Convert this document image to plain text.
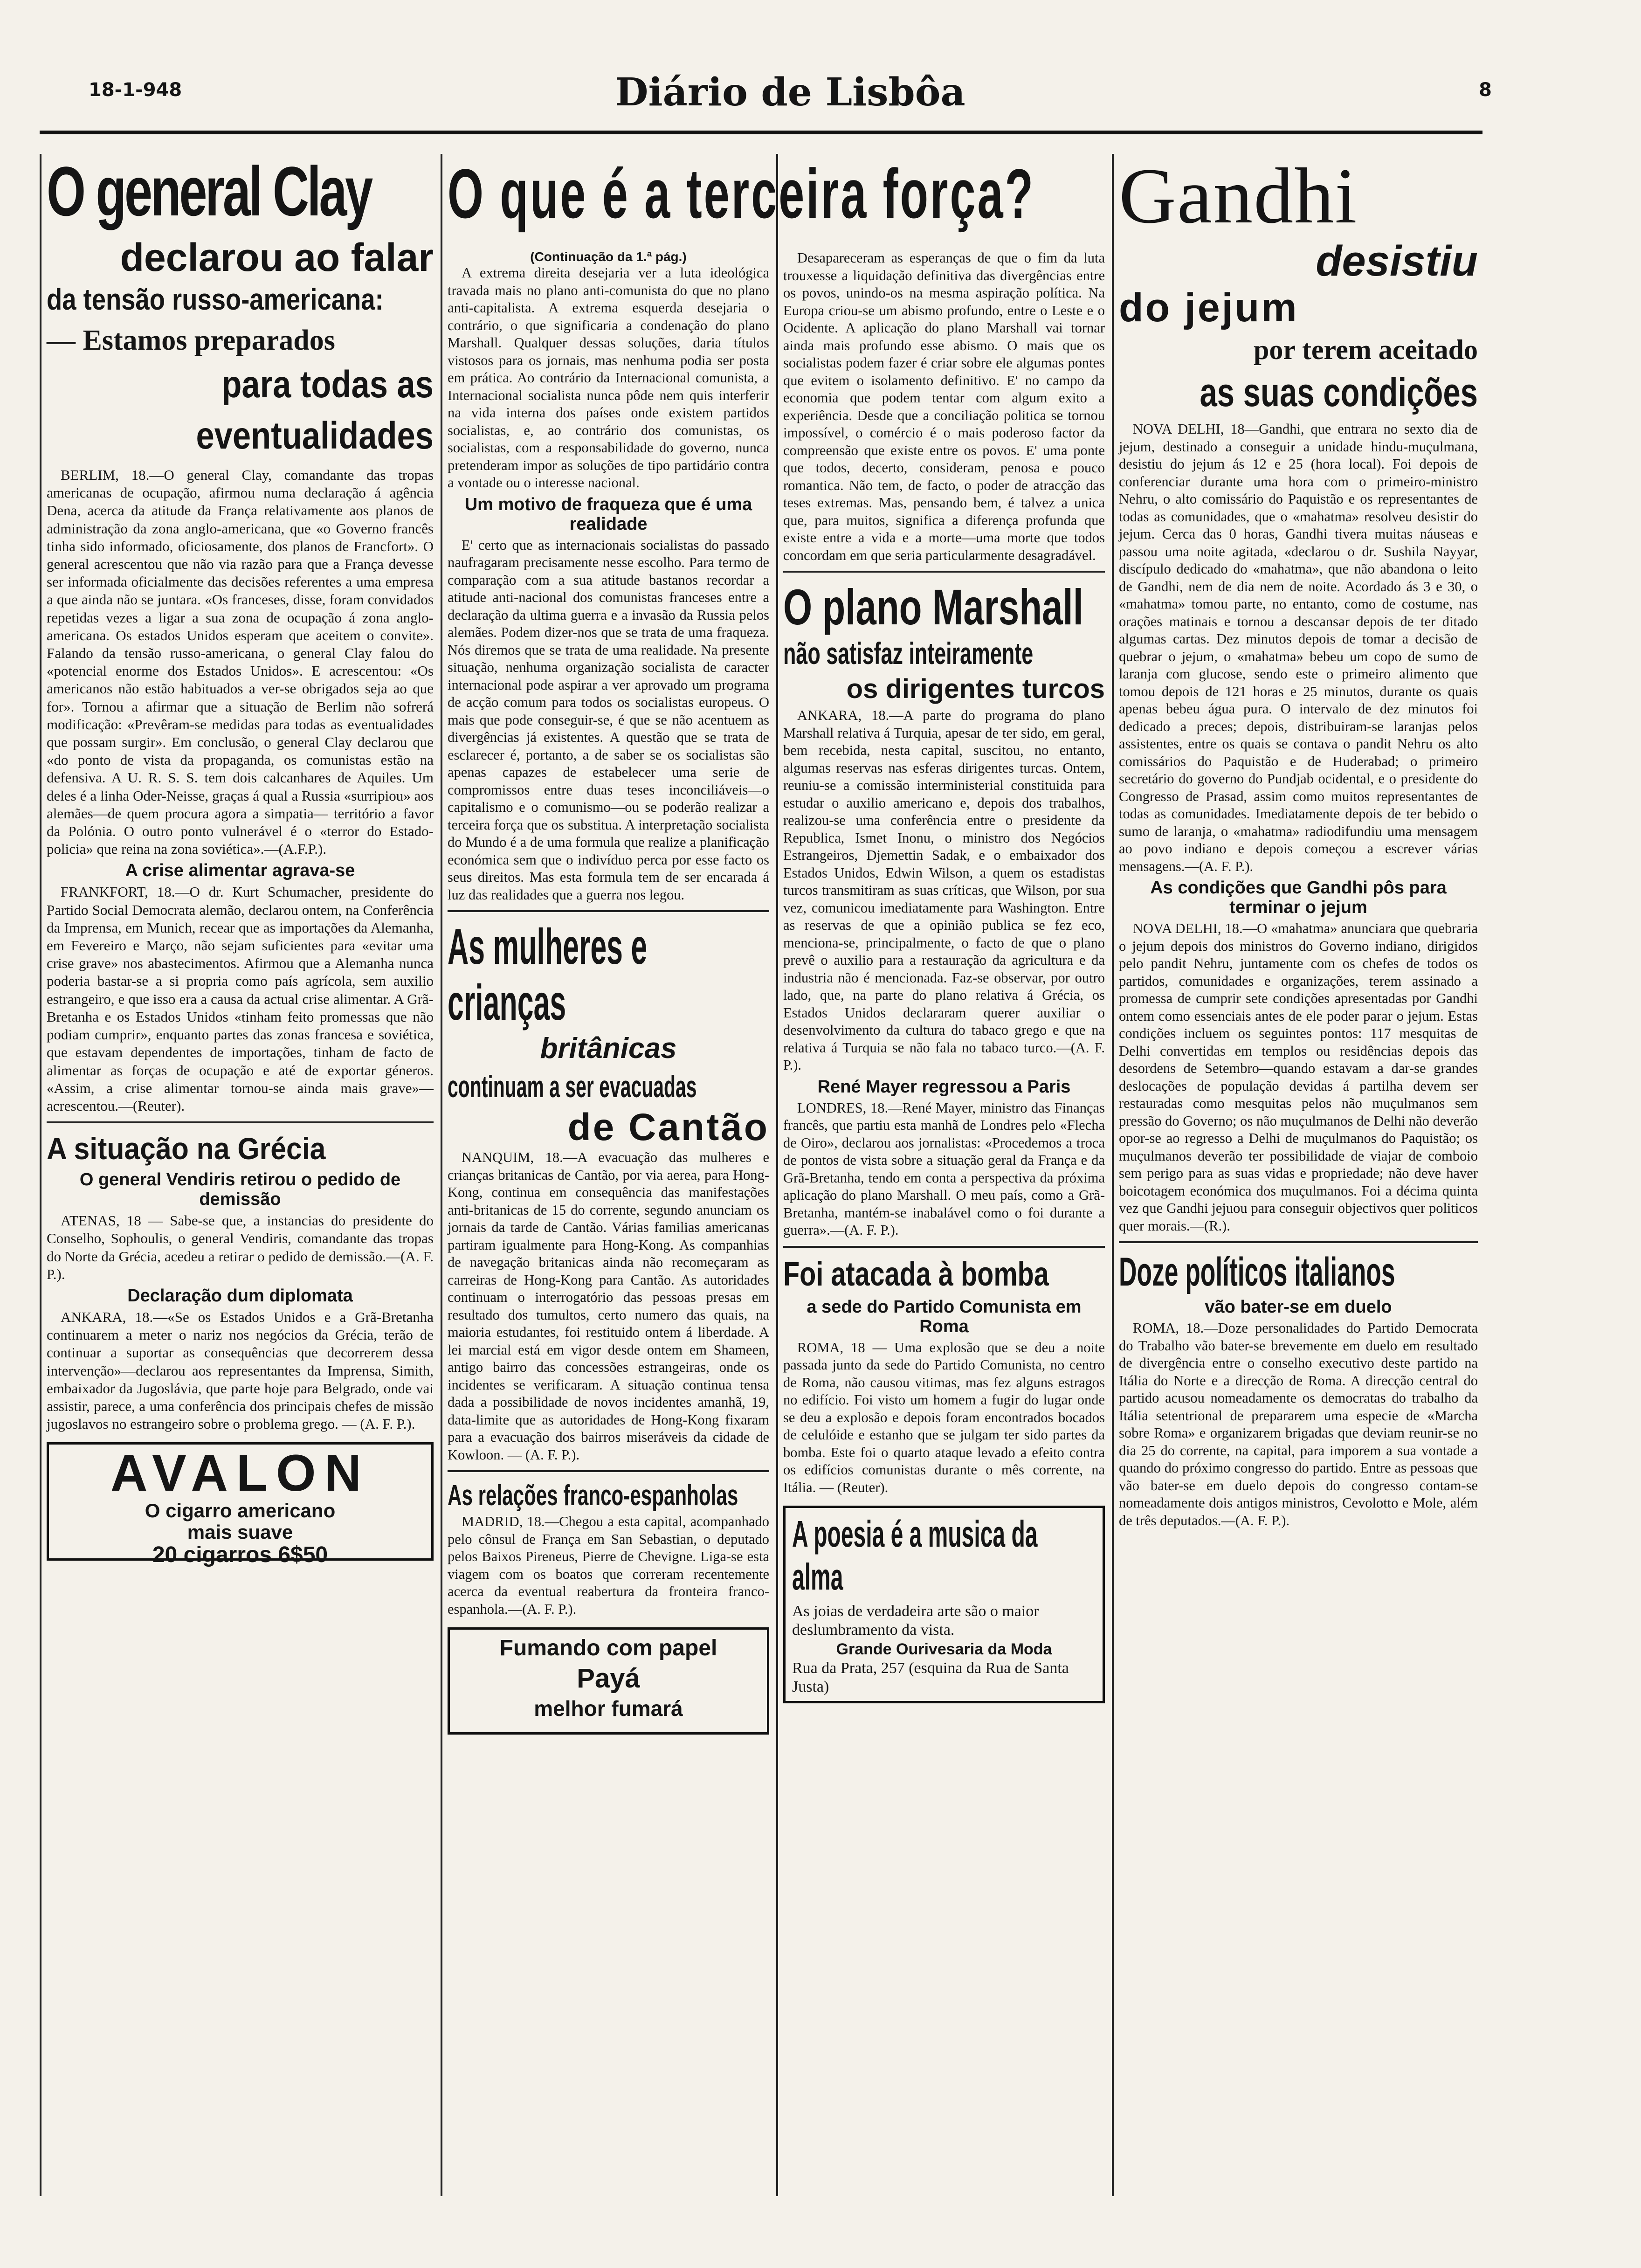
18-1-948	Diário de Lisbôa	8
O general Clay
declarou ao falar
da tensão russo-americana:
— Estamos preparados
para todas as eventualidades
BERLIM, 18.—O general Clay, comandante das tropas americanas de ocupação, afirmou numa declaração á agência Dena, acerca da atitude da França relativamente aos planos de administração da zona anglo-americana, que «o Governo francês tinha sido informado, oficiosamente, dos planos de Francfort». O general acrescentou que não via razão para que a França devesse ser informada oficialmente das decisões referentes a uma empresa a que ainda não se juntara. «Os franceses, disse, foram convidados repetidas vezes a ligar a sua zona de ocupação á zona anglo-americana. Os estados Unidos esperam que aceitem o convite». Falando da tensão russo-americana, o general Clay falou do «potencial enorme dos Estados Unidos». E acrescentou: «Os americanos não estão habituados a ver-se obrigados seja ao que for». Tornou a afirmar que a situação de Berlim não sofrerá modificação: «Prevêram-se medidas para todas as eventualidades que possam surgir». Em conclusão, o general Clay declarou que «do ponto de vista da propaganda, os comunistas estão na defensiva. A U. R. S. S. tem dois calcanhares de Aquiles. Um deles é a linha Oder-Neisse, graças á qual a Russia «surripiou» aos alemães—de quem procura agora a simpatia— território a favor da Polónia. O outro ponto vulnerável é o «terror do Estado-policia» que reina na zona soviética».—(A.F.P.).
A crise alimentar agrava-se
FRANKFORT, 18.—O dr. Kurt Schumacher, presidente do Partido Social Democrata alemão, declarou ontem, na Conferência da Imprensa, em Munich, recear que as importações da Alemanha, em Fevereiro e Março, não sejam suficientes para «evitar uma crise grave» nos abastecimentos. Afirmou que a Alemanha nunca poderia bastar-se a si propria como país agrícola, sem auxilio estrangeiro, e que isso era a causa da actual crise alimentar. A Grã-Bretanha e os Estados Unidos «tinham feito promessas que não podiam cumprir», enquanto partes das zonas francesa e soviética, que estavam dependentes de importações, tinham de facto de alimentar as forças de ocupação e até de exportar géneros. «Assim, a crise alimentar tornou-se ainda mais grave»— acrescentou.—(Reuter).
A situação na Grécia
O general Vendiris retirou o pedido de demissão
ATENAS, 18 — Sabe-se que, a instancias do presidente do Conselho, Sophoulis, o general Vendiris, comandante das tropas do Norte da Grécia, acedeu a retirar o pedido de demissão.—(A. F. P.).
Declaração dum diplomata
ANKARA, 18.—«Se os Estados Unidos e a Grã-Bretanha continuarem a meter o nariz nos negócios da Grécia, terão de continuar a suportar as consequências que decorrerem dessa intervenção»—declarou aos representantes da Imprensa, Simith, embaixador da Jugoslávia, que parte hoje para Belgrado, onde vai assistir, parece, a uma conferência dos principais chefes de missão jugoslavos no estrangeiro sobre o problema grego. — (A. F. P.).
AVALON
O cigarro americano
mais suave
20 cigarros 6$50
O que é a terceira força?
(Continuação da 1.ª pág.)
A extrema direita desejaria ver a luta ideológica travada mais no plano anti-comunista do que no plano anti-capitalista. A extrema esquerda desejaria o contrário, o que significaria a condenação do plano Marshall. Qualquer dessas soluções, daria títulos vistosos para os jornais, mas nenhuma podia ser posta em prática. Ao contrário da Internacional comunista, a Internacional socialista nunca pôde nem quis interferir na vida interna dos países onde existem partidos socialistas, e, ao contrário dos comunistas, os socialistas, com a responsabilidade do governo, nunca pretenderam impor as soluções de tipo partidário contra a vontade ou o interesse nacional.
Um motivo de fraqueza que é uma realidade
E' certo que as internacionais socialistas do passado naufragaram precisamente nesse escolho. Para termo de comparação com a sua atitude bastanos recordar a atitude anti-nacional dos comunistas franceses entre a declaração da ultima guerra e a invasão da Russia pelos alemães. Podem dizer-nos que se trata de uma fraqueza. Nós diremos que se trata de uma realidade. Na presente situação, nenhuma organização socialista de caracter internacional pode aspirar a ver aprovado um programa de acção comum para todos os socialistas europeus. O mais que pode conseguir-se, é que se não acentuem as divergências já existentes. A questão que se trata de esclarecer é, portanto, a de saber se os socialistas são apenas capazes de estabelecer uma serie de compromissos entre duas teses inconciliáveis—o capitalismo e o comunismo—ou se poderão realizar a terceira força que os substitua. A interpretação socialista do Mundo é a de uma formula que realize a planificação económica sem que o indivíduo perca por esse facto os seus direitos. Mas esta formula tem de ser encarada á luz das realidades que a guerra nos legou.
As mulheres e crianças
britânicas
continuam a ser evacuadas
de Cantão
NANQUIM, 18.—A evacuação das mulheres e crianças britanicas de Cantão, por via aerea, para Hong-Kong, continua em consequência das manifestações anti-britanicas de 15 do corrente, segundo anunciam os jornais da tarde de Cantão. Várias familias americanas partiram igualmente para Hong-Kong. As companhias de navegação britanicas ainda não recomeçaram as carreiras de Hong-Kong para Cantão. As autoridades continuam o interrogatório das pessoas presas em resultado dos tumultos, certo numero das quais, na maioria estudantes, foi restituido ontem á liberdade. A lei marcial está em vigor desde ontem em Shameen, antigo bairro das concessões estrangeiras, onde os incidentes se verificaram. A situação continua tensa dada a possibilidade de novos incidentes amanhã, 19, data-limite que as autoridades de Hong-Kong fixaram para a evacuação dos bairros miseráveis da cidade de Kowloon. — (A. F. P.).
As relações franco-espanholas
MADRID, 18.—Chegou a esta capital, acompanhado pelo cônsul de França em San Sebastian, o deputado pelos Baixos Pireneus, Pierre de Chevigne. Liga-se esta viagem com os boatos que correram recentemente acerca da eventual reabertura da fronteira franco-espanhola.—(A. F. P.).
Fumando com papel
Payá
melhor fumará
Desapareceram as esperanças de que o fim da luta trouxesse a liquidação definitiva das divergências entre os povos, unindo-os na mesma aspiração política. Na Europa criou-se um abismo profundo, entre o Leste e o Ocidente. A aplicação do plano Marshall vai tornar ainda mais profundo esse abismo. O mais que os socialistas podem fazer é criar sobre ele algumas pontes que evitem o isolamento definitivo. E' no campo da economia que podem tentar com algum exito a experiência. Desde que a conciliação politica se tornou impossível, o comércio é o mais poderoso factor da compreensão que existe entre os povos. E' uma ponte que todos, decerto, consideram, penosa e pouco romantica. Não tem, de facto, o poder de atracção das teses extremas. Mas, pensando bem, é talvez a unica que, para muitos, significa a diferença profunda que existe entre a vida e a morte—uma morte que todos concordam em que seria particularmente desagradável.
O plano Marshall
não satisfaz inteiramente
os dirigentes turcos
ANKARA, 18.—A parte do programa do plano Marshall relativa á Turquia, apesar de ter sido, em geral, bem recebida, nesta capital, suscitou, no entanto, algumas reservas nas esferas dirigentes turcas. Ontem, reuniu-se a comissão interministerial constituida para estudar o auxilio americano e, depois dos trabalhos, realizou-se uma conferência entre o presidente da Republica, Ismet Inonu, o ministro dos Negócios Estrangeiros, Djemettin Sadak, e o embaixador dos Estados Unidos, Edwin Wilson, a quem os estadistas turcos transmitiram as suas críticas, que Wilson, por sua vez, comunicou imediatamente para Washington. Entre as reservas de que a opinião publica se fez eco, menciona-se, principalmente, o facto de que o plano prevê o auxilio para a restauração da agricultura e da industria não é mencionada. Faz-se observar, por outro lado, que, na parte do plano relativa á Grécia, os Estados Unidos declararam querer auxiliar o desenvolvimento da cultura do tabaco grego e que na relativa á Turquia se não fala no tabaco turco.—(A. F. P.).
René Mayer regressou a Paris
LONDRES, 18.—René Mayer, ministro das Finanças francês, que partiu esta manhã de Londres pelo «Flecha de Oiro», declarou aos jornalistas: «Procedemos a troca de pontos de vista sobre a situação geral da França e da Grã-Bretanha, tendo em conta a perspectiva da próxima aplicação do plano Marshall. O meu país, como a Grã-Bretanha, mantém-se inabalável como o foi durante a guerra».—(A. F. P.).
Foi atacada à bomba
a sede do Partido Comunista em Roma
ROMA, 18 — Uma explosão que se deu a noite passada junto da sede do Partido Comunista, no centro de Roma, não causou vitimas, mas fez alguns estragos no edifício. Foi visto um homem a fugir do lugar onde se deu a explosão e depois foram encontrados bocados de celulóide e estanho que se julgam ter sido partes da bomba. Este foi o quarto ataque levado a efeito contra os edifícios comunistas durante o mês corrente, na Itália. — (Reuter).
A poesia é a musica da alma
As joias de verdadeira arte são o maior deslumbramento da vista.
Grande Ourivesaria da Moda
Rua da Prata, 257 (esquina da Rua de Santa Justa)
Gandhi
desistiu
do jejum
por terem aceitado
as suas condições
NOVA DELHI, 18—Gandhi, que entrara no sexto dia de jejum, destinado a conseguir a unidade hindu-muçulmana, desistiu do jejum ás 12 e 25 (hora local). Foi depois de conferenciar durante uma hora com o primeiro-ministro Nehru, o alto comissário do Paquistão e os representantes de todas as comunidades, que o «mahatma» resolveu desistir do jejum. Cerca das 0 horas, Gandhi tivera muitas náuseas e passou uma noite agitada, «declarou o dr. Sushila Nayyar, discípulo dedicado do «mahatma», que não abandona o leito de Gandhi, nem de dia nem de noite. Acordado ás 3 e 30, o «mahatma» tomou parte, no entanto, como de costume, nas orações matinais e tornou a descansar depois de ter ditado algumas cartas. Dez minutos depois de tomar a decisão de quebrar o jejum, o «mahatma» bebeu um copo de sumo de laranja com glucose, sendo este o primeiro alimento que tomou depois de 121 horas e 25 minutos, durante os quais apenas bebeu água pura. O intervalo de dez minutos foi dedicado a preces; depois, distribuiram-se laranjas pelos assistentes, entre os quais se contava o pandit Nehru os alto comissários do Paquistão e de Huderabad; o primeiro secretário do governo do Pundjab ocidental, e o presidente do Congresso de Prasad, assim como muitos representantes de todas as comunidades. Imediatamente depois de ter bebido o sumo de laranja, o «mahatma» radiodifundiu uma mensagem ao povo indiano e depois começou a escrever várias mensagens.—(A. F. P.).
As condições que Gandhi pôs para terminar o jejum
NOVA DELHI, 18.—O «mahatma» anunciara que quebraria o jejum depois dos ministros do Governo indiano, dirigidos pelo pandit Nehru, juntamente com os chefes de todos os partidos, comunidades e organizações, terem assinado a promessa de cumprir sete condições apresentadas por Gandhi ontem como essenciais antes de ele poder parar o jejum. Estas condições incluem os seguintes pontos: 117 mesquitas de Delhi convertidas em templos ou residências depois das desordens de Setembro—quando estavam a dar-se grandes deslocações de população devidas á partilha devem ser restauradas como mesquitas pelos não muçulmanos sem pressão do Governo; os não muçulmanos de Delhi não deverão opor-se ao regresso a Delhi de muçulmanos do Paquistão; os muçulmanos deverão ter possibilidade de viajar de comboio sem perigo para as suas vidas e propriedade; não deve haver boicotagem económica dos muçulmanos. Foi a décima quinta vez que Gandhi jejuou para conseguir objectivos quer politicos quer morais.—(R.).
Doze políticos italianos
vão bater-se em duelo
ROMA, 18.—Doze personalidades do Partido Democrata do Trabalho vão bater-se brevemente em duelo em resultado de divergência entre o conselho executivo deste partido na Itália do Norte e a direcção de Roma. A direcção central do partido acusou nomeadamente os democratas do trabalho da Itália setentrional de prepararem uma especie de «Marcha sobre Roma» e organizarem brigadas que deviam reunir-se no dia 25 do corrente, na capital, para imporem a sua vontade a quando do próximo congresso do partido. Entre as pessoas que vão bater-se em duelo depois do congresso contam-se nomeadamente dois antigos ministros, Cevolotto e Mole, além de três deputados.—(A. F. P.).
